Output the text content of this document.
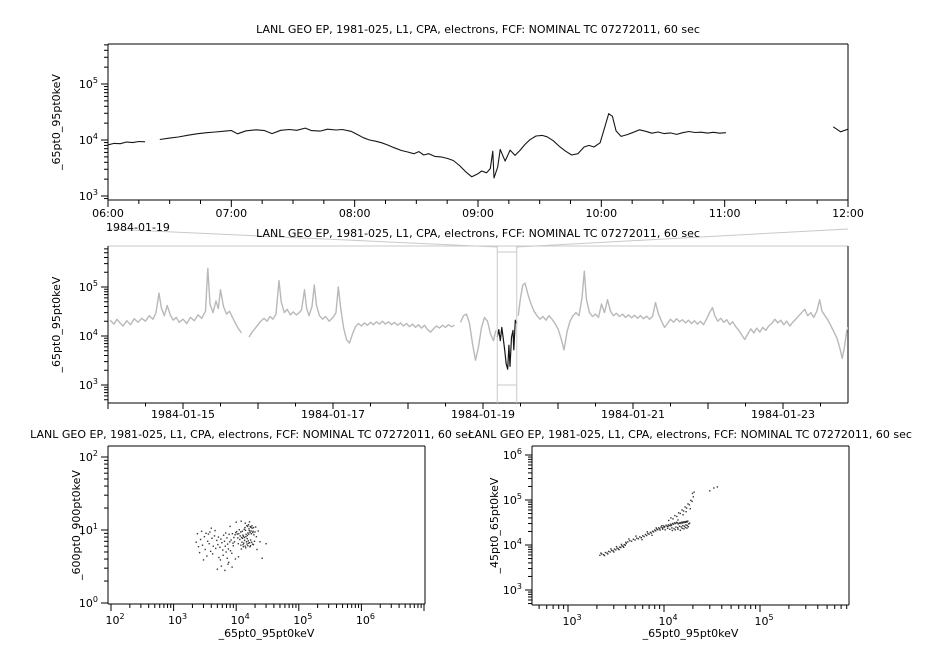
$10^3$
$10^4$
$10^5$
06:00	07:00	08:00	09:00	10:00	11:00	12:00
1984-01-19
LANL GEO EP, 1981-025, L1, CPA, electrons, FCF: NOMINAL TC 07272011, 60 sec
_65pt0_95pt0keV
LANL GEO EP, 1981-025, L1, CPA, electrons, FCF: NOMINAL TC 07272011, 60 sec
$10^3$
$10^4$
$10^5$
1984-01-15	1984-01-17	1984-01-19	1984-01-21	1984-01-23
_65pt0_95pt0keV
LANL GEO EP, 1981-025, L1, CPA, electrons, FCF: NOMINAL TC 07272011, 60 sec
$10^0$
$10^1$
$10^2$
$10^2$	$10^3$	$10^4$	$10^5$	$10^6$
_600pt0_900pt0keV
_65pt0_95pt0keV
LANL GEO EP, 1981-025, L1, CPA, electrons, FCF: NOMINAL TC 07272011, 60 sec
$10^3$
$10^4$
$10^5$
$10^6$
$10^3$	$10^4$	$10^5$
_45pt0_65pt0keV
_65pt0_95pt0keV
